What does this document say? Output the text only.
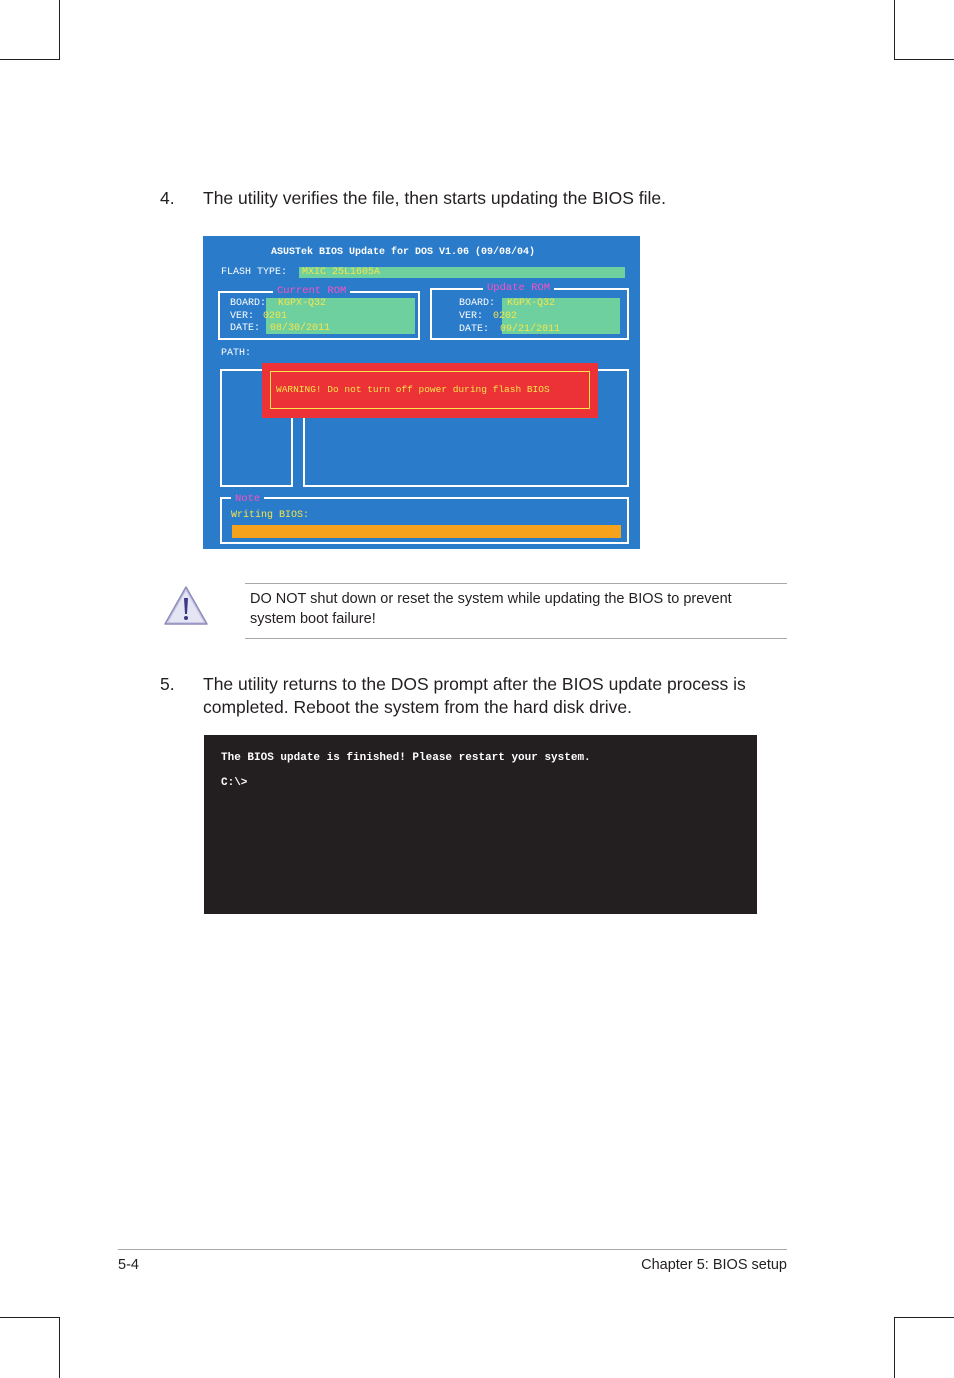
4. The utility verifies the file, then starts updating the BIOS file.
ASUSTek BIOS Update for DOS V1.06 (09/08/04)
FLASH TYPE: MXIC 25L1605A
Current ROM
BOARD: KGPX-Q32
VER: 0201
DATE: 08/30/2011
Update ROM
BOARD: KGPX-Q32
VER: 0202
DATE: 09/21/2011
PATH:
WARNING! Do not turn off power during flash BIOS
Note
Writing BIOS:
DO NOT shut down or reset the system while updating the BIOS to prevent system boot failure!
5. The utility returns to the DOS prompt after the BIOS update process is
completed. Reboot the system from the hard disk drive.
The BIOS update is finished! Please restart your system.
C:\>
5-4	Chapter 5: BIOS setup
